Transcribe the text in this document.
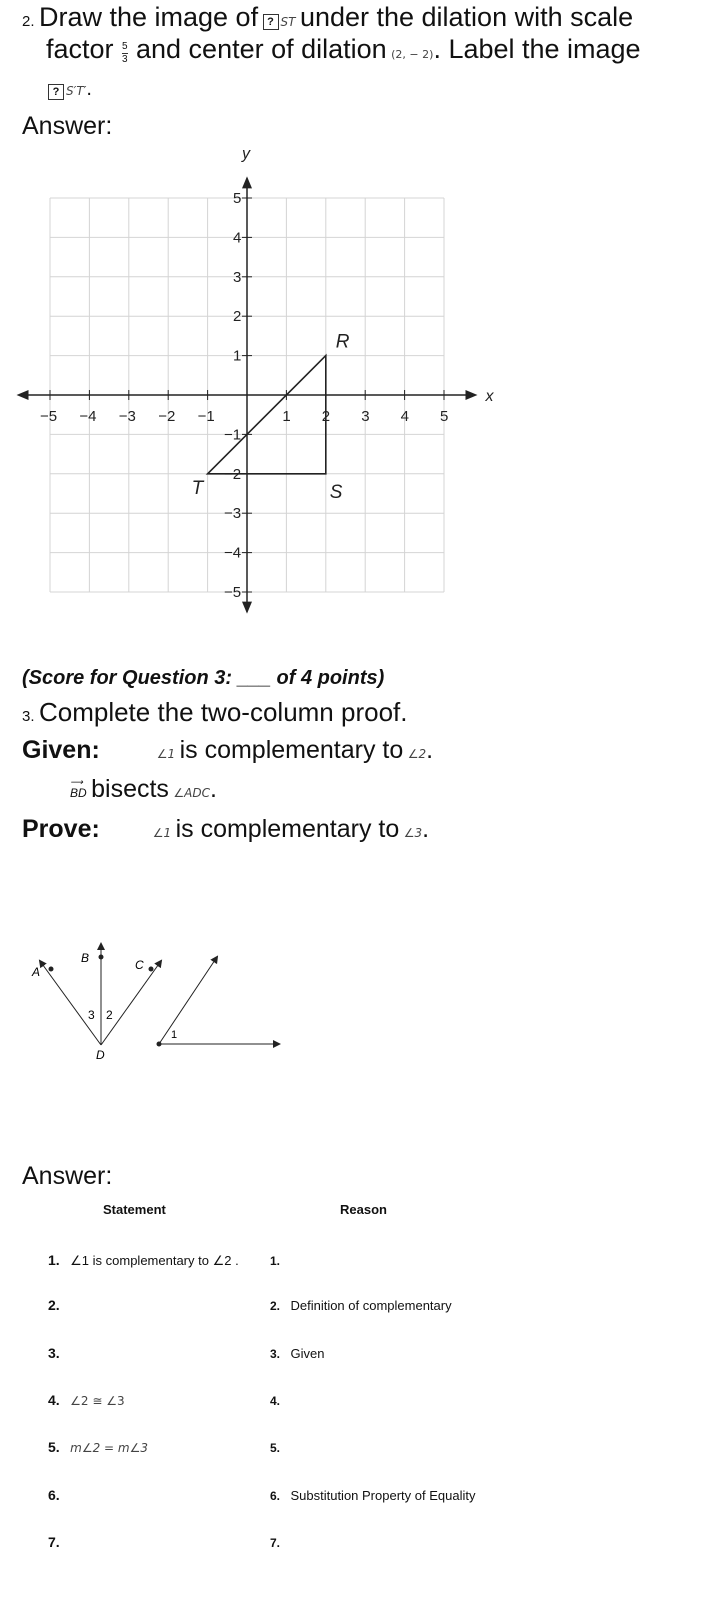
2. Draw the image of ? ST under the dilation with scale
factor $\frac{5}{3}$ and center of dilation (2, − 2). Label the image
? S′T′.
Answer:
−5 −4 −3 −2 −1	1 2 3 4 5
5
4
3
2
1
−1
−2
−3
−4
−5
x
y
R
S
T
(Score for Question 3: ___ of 4 points)
3. Complete the two-column proof.
Given:	∠1 is complementary to ∠2.
⟶
BD bisects ∠ADC.
Prove:	∠1 is complementary to ∠3.
A
B	C
D
3 2
1
Answer:
Statement	Reason
1. ∠1 is complementary to ∠2 .	1.
2.	2. Definition of complementary
3.	3. Given
4. ∠2 ≅ ∠3	4.
5. m∠2 = m∠3	5.
6.	6. Substitution Property of Equality
7.	7.
